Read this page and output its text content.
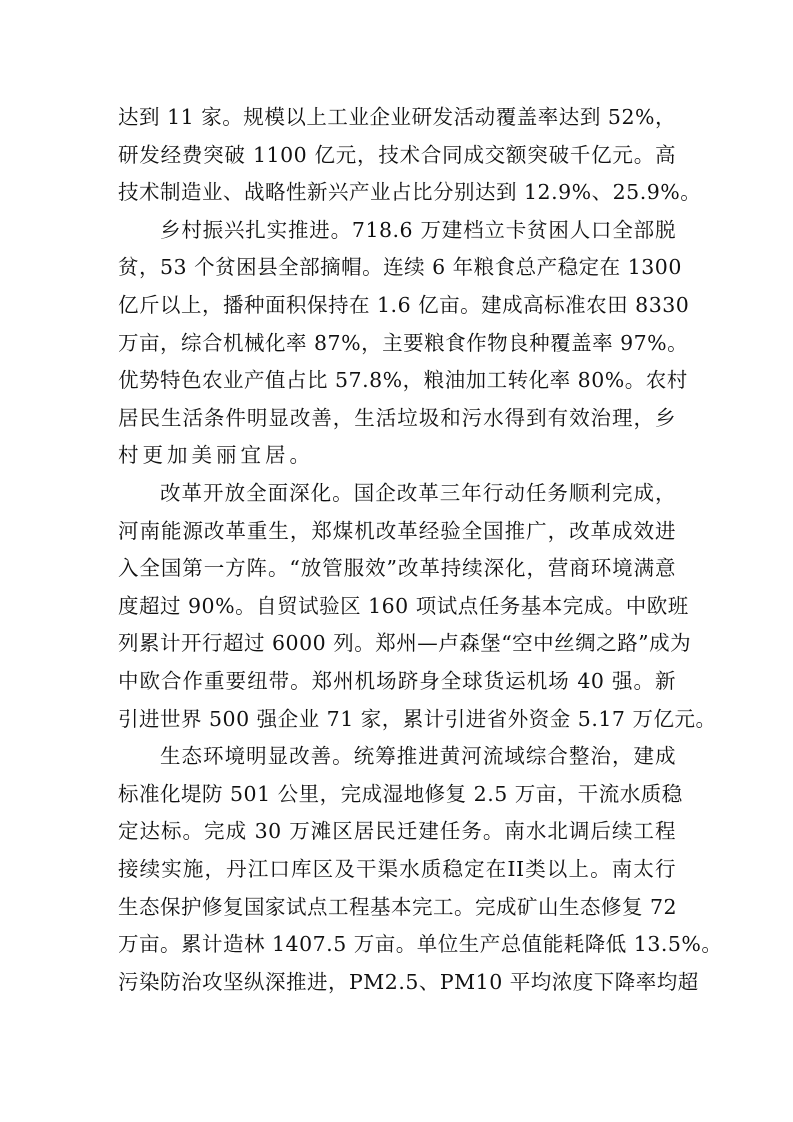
达到 11 家。规模以上工业企业研发活动覆盖率达到 52%，
研发经费突破 1100 亿元，技术合同成交额突破千亿元。高
技术制造业、战略性新兴产业占比分别达到 12.9%、25.9%。
乡村振兴扎实推进。718.6 万建档立卡贫困人口全部脱
贫，53 个贫困县全部摘帽。连续 6 年粮食总产稳定在 1300
亿斤以上，播种面积保持在 1.6 亿亩。建成高标准农田 8330
万亩，综合机械化率 87%，主要粮食作物良种覆盖率 97%。
优势特色农业产值占比 57.8%，粮油加工转化率 80%。农村
居民生活条件明显改善，生活垃圾和污水得到有效治理，乡
村更加美丽宜居。
改革开放全面深化。国企改革三年行动任务顺利完成，
河南能源改革重生，郑煤机改革经验全国推广，改革成效进
入全国第一方阵。“放管服效”改革持续深化，营商环境满意
度超过 90%。自贸试验区 160 项试点任务基本完成。中欧班
列累计开行超过 6000 列。郑州—卢森堡“空中丝绸之路”成为
中欧合作重要纽带。郑州机场跻身全球货运机场 40 强。新
引进世界 500 强企业 71 家，累计引进省外资金 5.17 万亿元。
生态环境明显改善。统筹推进黄河流域综合整治，建成
标准化堤防 501 公里，完成湿地修复 2.5 万亩，干流水质稳
定达标。完成 30 万滩区居民迁建任务。南水北调后续工程
接续实施，丹江口库区及干渠水质稳定在II类以上。南太行
生态保护修复国家试点工程基本完工。完成矿山生态修复 72
万亩。累计造林 1407.5 万亩。单位生产总值能耗降低 13.5%。
污染防治攻坚纵深推进，PM2.5、PM10 平均浓度下降率均超
